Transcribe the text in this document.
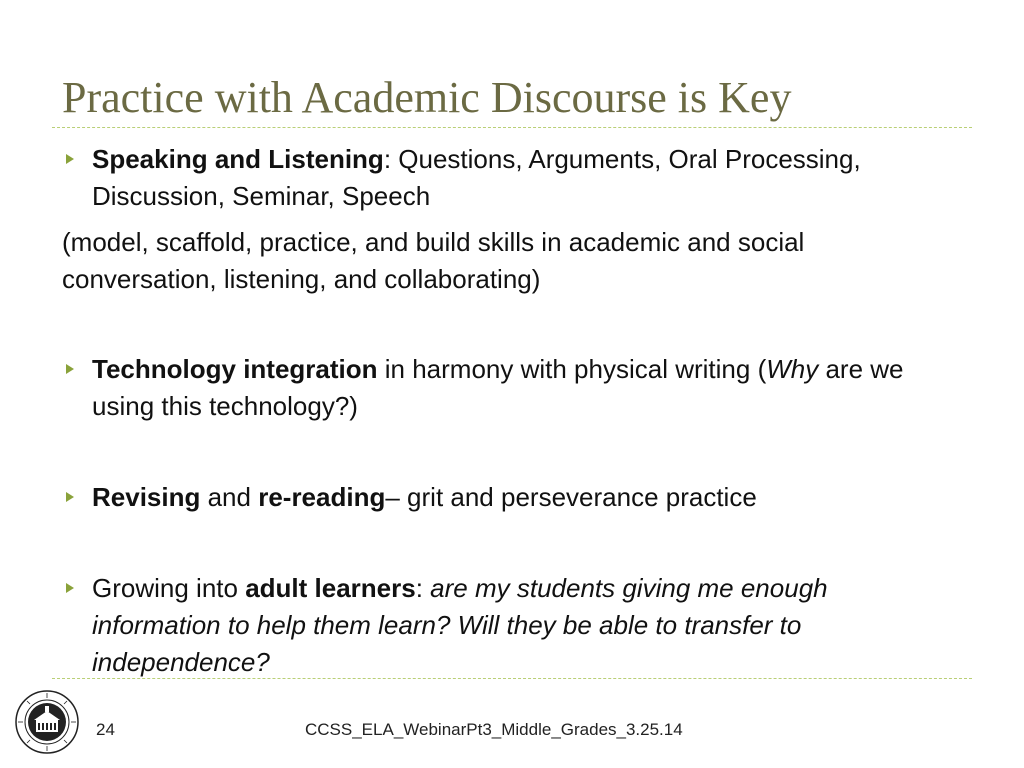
Practice with Academic Discourse is Key
Speaking and Listening: Questions, Arguments, Oral Processing, Discussion, Seminar, Speech
(model, scaffold, practice, and build skills in academic and social conversation, listening, and collaborating)
Technology integration in harmony with physical writing (Why are we using this technology?)
Revising and re-reading– grit and perseverance practice
Growing into adult learners: are my students giving me enough information to help them learn? Will they be able to transfer to independence?
24	CCSS_ELA_WebinarPt3_Middle_Grades_3.25.14
